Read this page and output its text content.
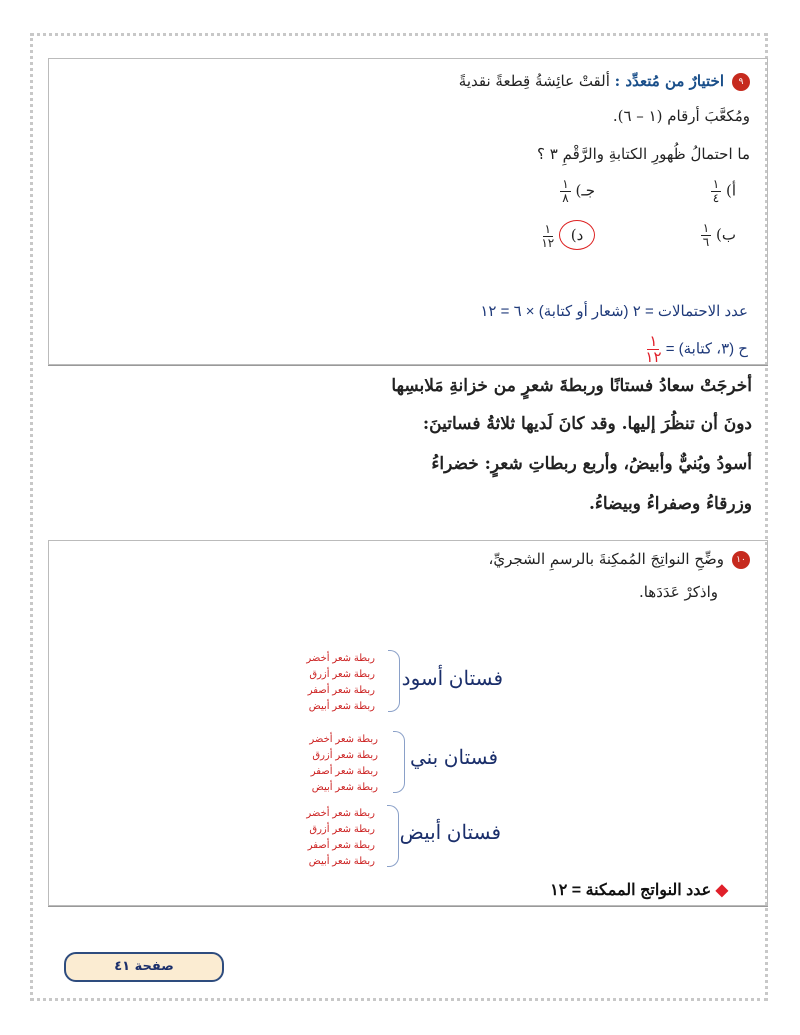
٩اختيارٌ من مُتعدِّد : ألقتْ عائِشةُ قِطعةً نقديةً
ومُكعَّبَ أرقام (١ – ٦).
ما احتمالُ ظُهورِ الكتابةِ والرَّقْمِ ٣ ؟
أ)
$\frac{١}{٤}$
ب)
$\frac{١}{٦}$
جـ)
$\frac{١}{٨}$
د)
$\frac{١}{١٢}$
عدد الاحتمالات = ٢ (شعار أو كتابة) × ٦ = ١٢
ح (٣، كتابة) =
$\frac{١}{١٢}$
أخرجَتْ سعادُ فستانًا وربطةَ شعرٍ من خزانةِ مَلابسِها
دونَ أن تنظُرَ إليها. وقد كانَ لَديها ثلاثةُ فساتينَ:
أسودُ وبُنيٌّ وأبيضُ، وأربع ربطاتِ شعرٍ: خضراءُ
وزرقاءُ وصفراءُ وبيضاءُ.
١٠وضِّحِ النواتِجَ المُمكِنةَ بالرسمِ الشجريِّ،
واذكرْ عَدَدَها.
فستان أسود
ربطة شعر أخضر
ربطة شعر أزرق
ربطة شعر أصفر
ربطة شعر أبيض
فستان بني
ربطة شعر أخضر
ربطة شعر أزرق
ربطة شعر أصفر
ربطة شعر أبيض
فستان أبيض
ربطة شعر أخضر
ربطة شعر أزرق
ربطة شعر أصفر
ربطة شعر أبيض
◆ عدد النواتج الممكنة = ١٢
صفحة ٤١
